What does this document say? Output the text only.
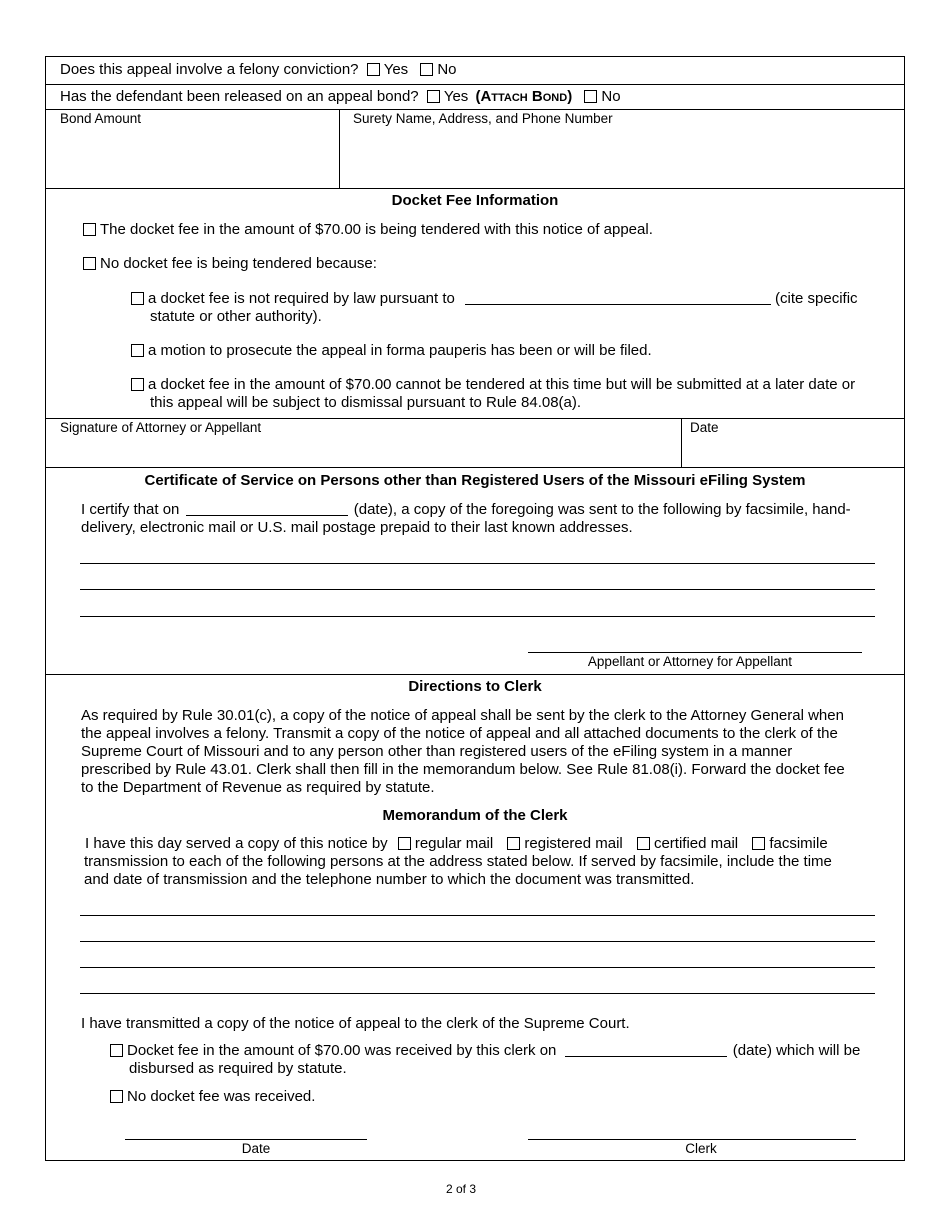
Does this appeal involve a felony conviction? Yes No
Has the defendant been released on an appeal bond? Yes (Attach Bond) No
Bond Amount	Surety Name, Address, and Phone Number
Docket Fee Information
The docket fee in the amount of $70.00 is being tendered with this notice of appeal.
No docket fee is being tendered because:
a docket fee is not required by law pursuant to	(cite specific
statute or other authority).
a motion to prosecute the appeal in forma pauperis has been or will be filed.
a docket fee in the amount of $70.00 cannot be tendered at this time but will be submitted at a later date or
this appeal will be subject to dismissal pursuant to Rule 84.08(a).
Signature of Attorney or Appellant	Date
Certificate of Service on Persons other than Registered Users of the Missouri eFiling System
I certify that on	(date), a copy of the foregoing was sent to the following by facsimile, hand-
delivery, electronic mail or U.S. mail postage prepaid to their last known addresses.
Appellant or Attorney for Appellant
Directions to Clerk
As required by Rule 30.01(c), a copy of the notice of appeal shall be sent by the clerk to the Attorney General when
the appeal involves a felony. Transmit a copy of the notice of appeal and all attached documents to the clerk of the
Supreme Court of Missouri and to any person other than registered users of the eFiling system in a manner
prescribed by Rule 43.01. Clerk shall then fill in the memorandum below. See Rule 81.08(i). Forward the docket fee
to the Department of Revenue as required by statute.
Memorandum of the Clerk
I have this day served a copy of this notice by regular mail registered mail certified mail facsimile
transmission to each of the following persons at the address stated below. If served by facsimile, include the time
and date of transmission and the telephone number to which the document was transmitted.
I have transmitted a copy of the notice of appeal to the clerk of the Supreme Court.
Docket fee in the amount of $70.00 was received by this clerk on	(date) which will be
disbursed as required by statute.
No docket fee was received.
Date	Clerk
2 of 3
